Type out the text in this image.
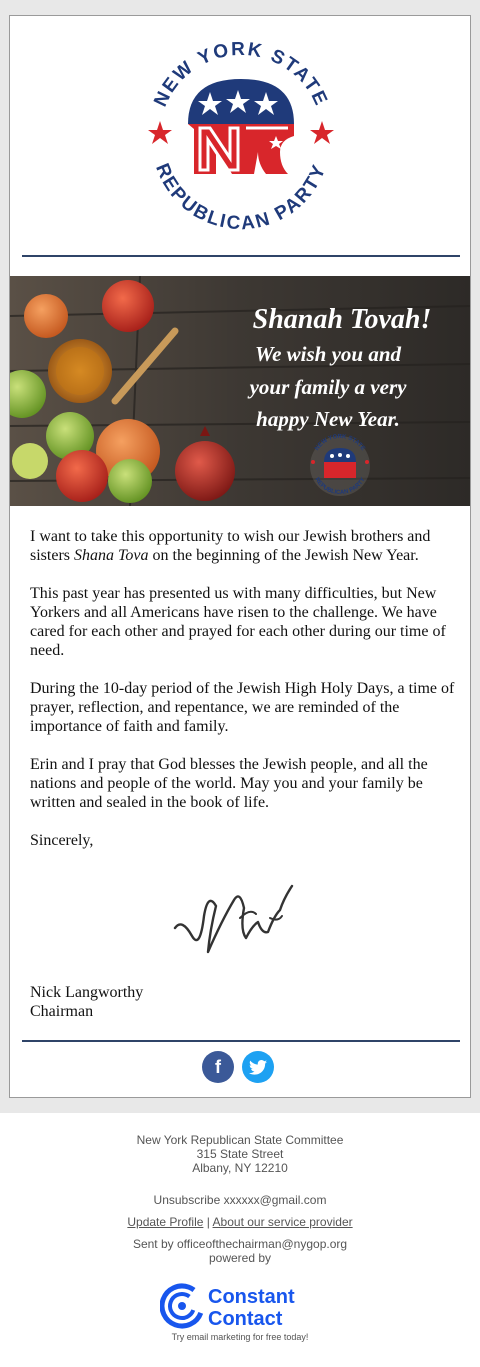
NEW YORK STATE
REPUBLICAN PARTY
Shanah Tovah!
We wish you and
your family a very
happy New Year.
NEW YORK STATE
REPUBLICAN PARTY

I want to take this opportunity to wish our Jewish brothers and sisters Shana Tova on the beginning of the Jewish New Year.

This past year has presented us with many difficulties, but New Yorkers and all Americans have risen to the challenge. We have cared for each other and prayed for each other during our time of need.

During the 10-day period of the Jewish High Holy Days, a time of prayer, reflection, and repentance, we are reminded of the importance of faith and family.

Erin and I pray that God blesses the Jewish people, and all the nations and people of the world. May you and your family be written and sealed in the book of life.

Sincerely,

Nick Langworthy
Chairman
f
New York Republican State Committee
315 State Street
Albany, NY 12210
Unsubscribe xxxxxx@gmail.com
Update Profile | About our service provider
Sent by officeofthechairman@nygop.org
powered by
Constant
Contact
Try email marketing for free today!
